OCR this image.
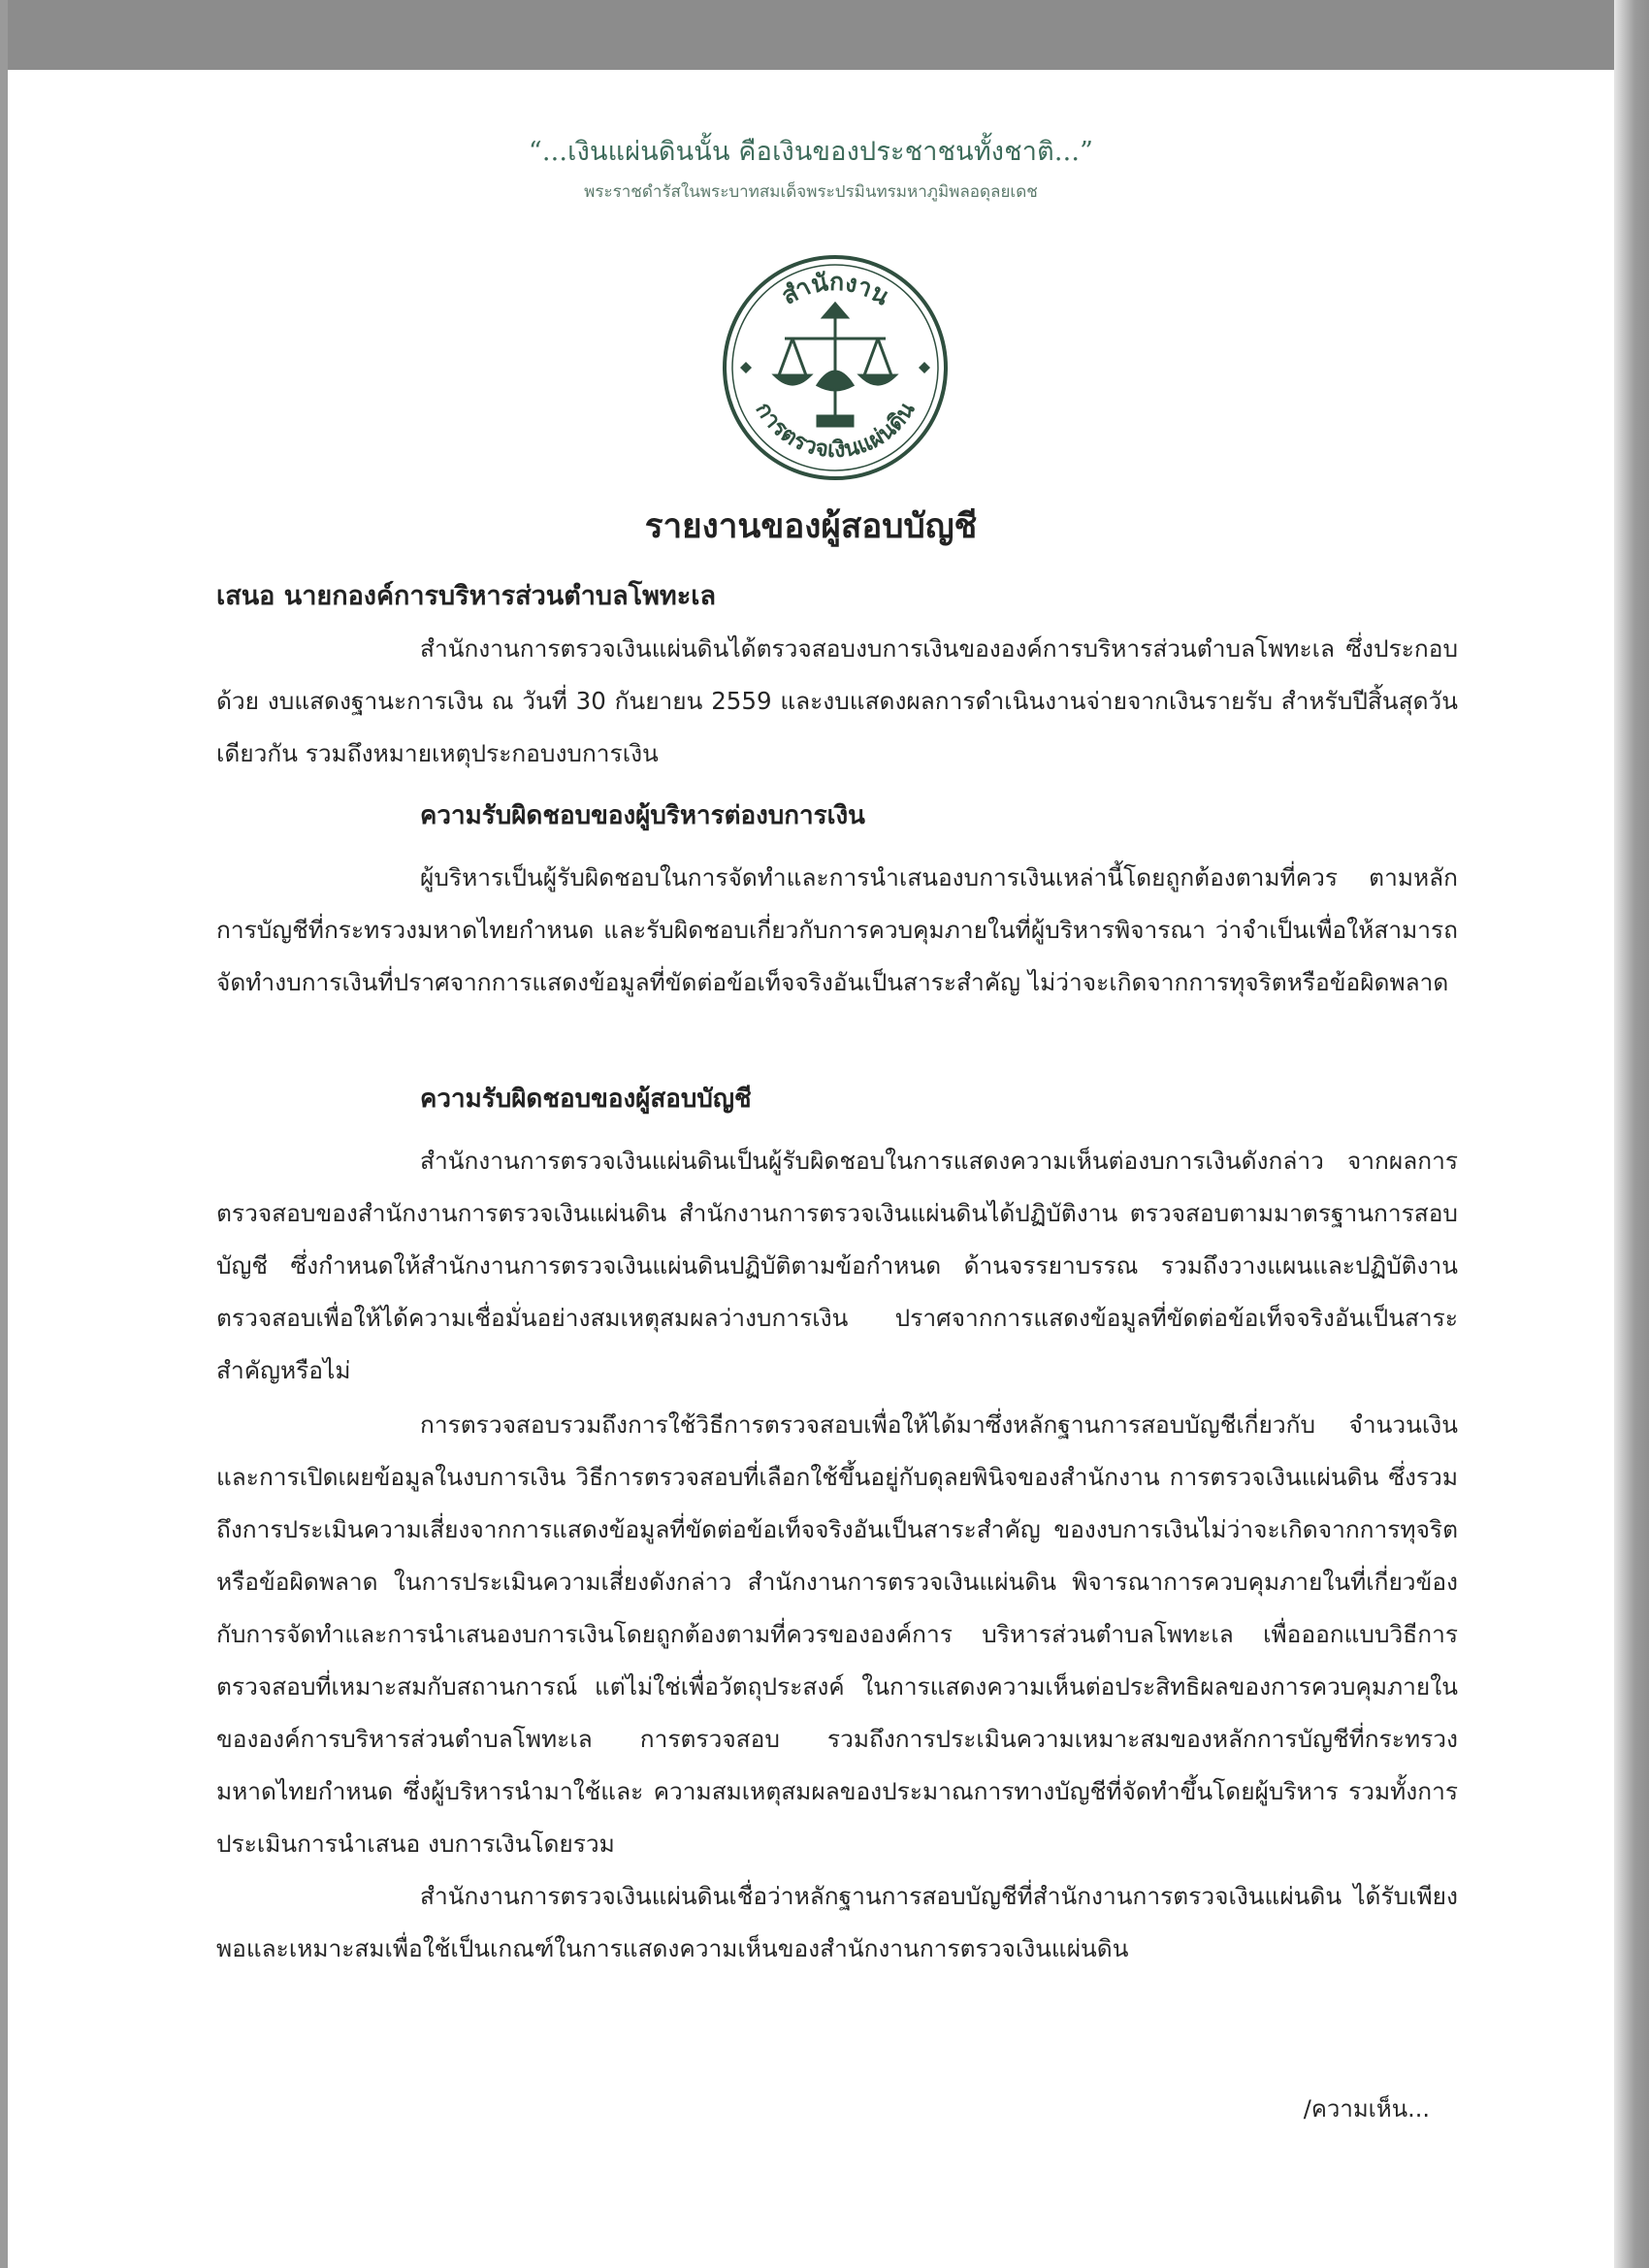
“...เงินแผ่นดินนั้น คือเงินของประชาชนทั้งชาติ...”
พระราชดำรัสในพระบาทสมเด็จพระปรมินทรมหาภูมิพลอดุลยเดช
สำนักงาน
การตรวจเงินแผ่นดิน
รายงานของผู้สอบบัญชี
เสนอ นายกองค์การบริหารส่วนตำบลโพทะเล

สำนักงานการตรวจเงินแผ่นดินได้ตรวจสอบงบการเงินขององค์การบริหารส่วนตำบลโพทะเล ซึ่งประกอบด้วย งบแสดงฐานะการเงิน ณ วันที่ 30 กันยายน 2559 และงบแสดงผลการดำเนินงานจ่ายจากเงินรายรับ สำหรับปีสิ้นสุดวันเดียวกัน รวมถึงหมายเหตุประกอบงบการเงิน

ความรับผิดชอบของผู้บริหารต่องบการเงิน

ผู้บริหารเป็นผู้รับผิดชอบในการจัดทำและการนำเสนองบการเงินเหล่านี้โดยถูกต้องตามที่ควร ตามหลักการบัญชีที่กระทรวงมหาดไทยกำหนด และรับผิดชอบเกี่ยวกับการควบคุมภายในที่ผู้บริหารพิจารณา ว่าจำเป็นเพื่อให้สามารถจัดทำงบการเงินที่ปราศจากการแสดงข้อมูลที่ขัดต่อข้อเท็จจริงอันเป็นสาระสำคัญ ไม่ว่าจะเกิดจากการทุจริตหรือข้อผิดพลาด

ความรับผิดชอบของผู้สอบบัญชี

สำนักงานการตรวจเงินแผ่นดินเป็นผู้รับผิดชอบในการแสดงความเห็นต่องบการเงินดังกล่าว จากผลการตรวจสอบของสำนักงานการตรวจเงินแผ่นดิน สำนักงานการตรวจเงินแผ่นดินได้ปฏิบัติงาน ตรวจสอบตามมาตรฐานการสอบบัญชี ซึ่งกำหนดให้สำนักงานการตรวจเงินแผ่นดินปฏิบัติตามข้อกำหนด ด้านจรรยาบรรณ รวมถึงวางแผนและปฏิบัติงานตรวจสอบเพื่อให้ได้ความเชื่อมั่นอย่างสมเหตุสมผลว่างบการเงิน ปราศจากการแสดงข้อมูลที่ขัดต่อข้อเท็จจริงอันเป็นสาระสำคัญหรือไม่

การตรวจสอบรวมถึงการใช้วิธีการตรวจสอบเพื่อให้ได้มาซึ่งหลักฐานการสอบบัญชีเกี่ยวกับ จำนวนเงินและการเปิดเผยข้อมูลในงบการเงิน วิธีการตรวจสอบที่เลือกใช้ขึ้นอยู่กับดุลยพินิจของสำนักงาน การตรวจเงินแผ่นดิน ซึ่งรวมถึงการประเมินความเสี่ยงจากการแสดงข้อมูลที่ขัดต่อข้อเท็จจริงอันเป็นสาระสำคัญ ของงบการเงินไม่ว่าจะเกิดจากการทุจริตหรือข้อผิดพลาด ในการประเมินความเสี่ยงดังกล่าว สำนักงานการตรวจเงินแผ่นดิน พิจารณาการควบคุมภายในที่เกี่ยวข้องกับการจัดทำและการนำเสนองบการเงินโดยถูกต้องตามที่ควรขององค์การ บริหารส่วนตำบลโพทะเล เพื่อออกแบบวิธีการตรวจสอบที่เหมาะสมกับสถานการณ์ แต่ไม่ใช่เพื่อวัตถุประสงค์ ในการแสดงความเห็นต่อประสิทธิผลของการควบคุมภายในขององค์การบริหารส่วนตำบลโพทะเล การตรวจสอบ รวมถึงการประเมินความเหมาะสมของหลักการบัญชีที่กระทรวงมหาดไทยกำหนด ซึ่งผู้บริหารนำมาใช้และ ความสมเหตุสมผลของประมาณการทางบัญชีที่จัดทำขึ้นโดยผู้บริหาร รวมทั้งการประเมินการนำเสนอ งบการเงินโดยรวม

สำนักงานการตรวจเงินแผ่นดินเชื่อว่าหลักฐานการสอบบัญชีที่สำนักงานการตรวจเงินแผ่นดิน ได้รับเพียงพอและเหมาะสมเพื่อใช้เป็นเกณฑ์ในการแสดงความเห็นของสำนักงานการตรวจเงินแผ่นดิน

/ความเห็น...
